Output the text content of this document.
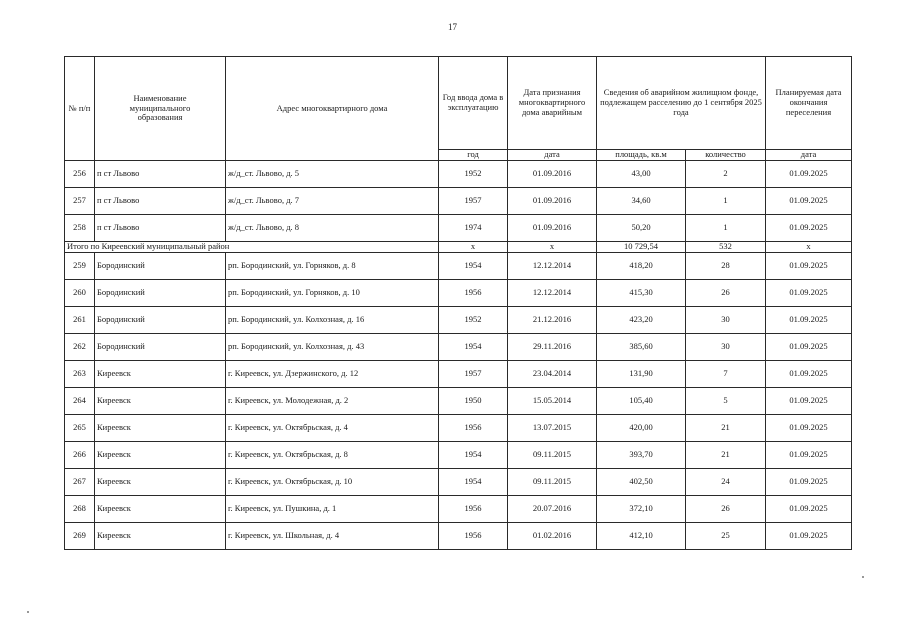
17
№ п/п	Наименование муниципального образования	Адрес многоквартирного дома	Год ввода дома в эксплуатацию	Дата признания многоквартирного дома аварийным	Сведения об аварийном жилищном фонде, подлежащем расселению до 1 сентября 2025 года		Планируемая дата окончания переселения
			год	дата	площадь, кв.м	количество	дата
256	п ст Львово	ж/д_ст. Львово, д. 5	1952	01.09.2016	43,00	2	01.09.2025
257	п ст Львово	ж/д_ст. Львово, д. 7	1957	01.09.2016	34,60	1	01.09.2025
258	п ст Львово	ж/д_ст. Львово, д. 8	1974	01.09.2016	50,20	1	01.09.2025
Итого по Киреевский муниципальный район			x	x	10 729,54	532	x
259	Бородинский	рп. Бородинский, ул. Горняков, д. 8	1954	12.12.2014	418,20	28	01.09.2025
260	Бородинский	рп. Бородинский, ул. Горняков, д. 10	1956	12.12.2014	415,30	26	01.09.2025
261	Бородинский	рп. Бородинский, ул. Колхозная, д. 16	1952	21.12.2016	423,20	30	01.09.2025
262	Бородинский	рп. Бородинский, ул. Колхозная, д. 43	1954	29.11.2016	385,60	30	01.09.2025
263	Киреевск	г. Киреевск, ул. Дзержинского, д. 12	1957	23.04.2014	131,90	7	01.09.2025
264	Киреевск	г. Киреевск, ул. Молодежная, д. 2	1950	15.05.2014	105,40	5	01.09.2025
265	Киреевск	г. Киреевск, ул. Октябрьская, д. 4	1956	13.07.2015	420,00	21	01.09.2025
266	Киреевск	г. Киреевск, ул. Октябрьская, д. 8	1954	09.11.2015	393,70	21	01.09.2025
267	Киреевск	г. Киреевск, ул. Октябрьская, д. 10	1954	09.11.2015	402,50	24	01.09.2025
268	Киреевск	г. Киреевск, ул. Пушкина, д. 1	1956	20.07.2016	372,10	26	01.09.2025
269	Киреевск	г. Киреевск, ул. Школьная, д. 4	1956	01.02.2016	412,10	25	01.09.2025
